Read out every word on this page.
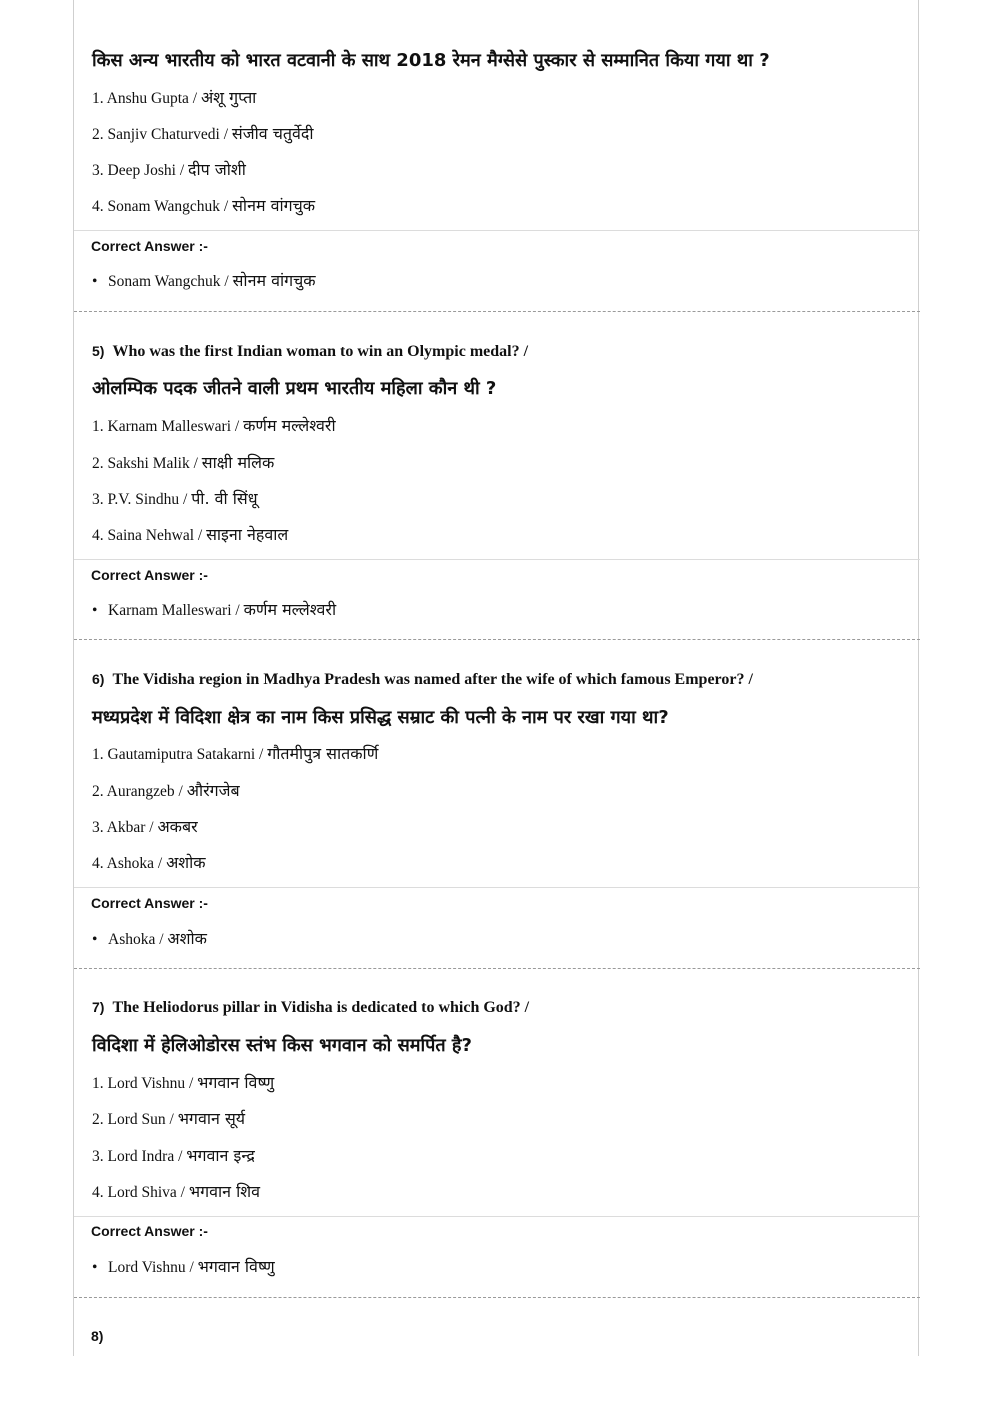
किस अन्य भारतीय को भारत वटवानी के साथ 2018 रेमन मैग्सेसे पुस्कार से सम्मानित किया गया था ?
1. Anshu Gupta / अंशू गुप्ता
2. Sanjiv Chaturvedi / संजीव चतुर्वेदी
3. Deep Joshi / दीप जोशी
4. Sonam Wangchuk / सोनम वांगचुक
Correct Answer :-
• Sonam Wangchuk / सोनम वांगचुक
5) Who was the first Indian woman to win an Olympic medal? /
ओलम्पिक पदक जीतने वाली प्रथम भारतीय महिला कौन थी ?
1. Karnam Malleswari / कर्णम मल्लेश्वरी
2. Sakshi Malik / साक्षी मलिक
3. P.V. Sindhu / पी. वी सिंधू
4. Saina Nehwal / साइना नेहवाल
Correct Answer :-
• Karnam Malleswari / कर्णम मल्लेश्वरी
6) The Vidisha region in Madhya Pradesh was named after the wife of which famous Emperor? /
मध्यप्रदेश में विदिशा क्षेत्र का नाम किस प्रसिद्ध सम्राट की पत्नी के नाम पर रखा गया था?
1. Gautamiputra Satakarni / गौतमीपुत्र सातकर्णि
2. Aurangzeb / औरंगजेब
3. Akbar / अकबर
4. Ashoka / अशोक
Correct Answer :-
• Ashoka / अशोक
7) The Heliodorus pillar in Vidisha is dedicated to which God? /
विदिशा में हेलिओडोरस स्तंभ किस भगवान को समर्पित है?
1. Lord Vishnu / भगवान विष्णु
2. Lord Sun / भगवान सूर्य
3. Lord Indra / भगवान इन्द्र
4. Lord Shiva / भगवान शिव
Correct Answer :-
• Lord Vishnu / भगवान विष्णु
8)
